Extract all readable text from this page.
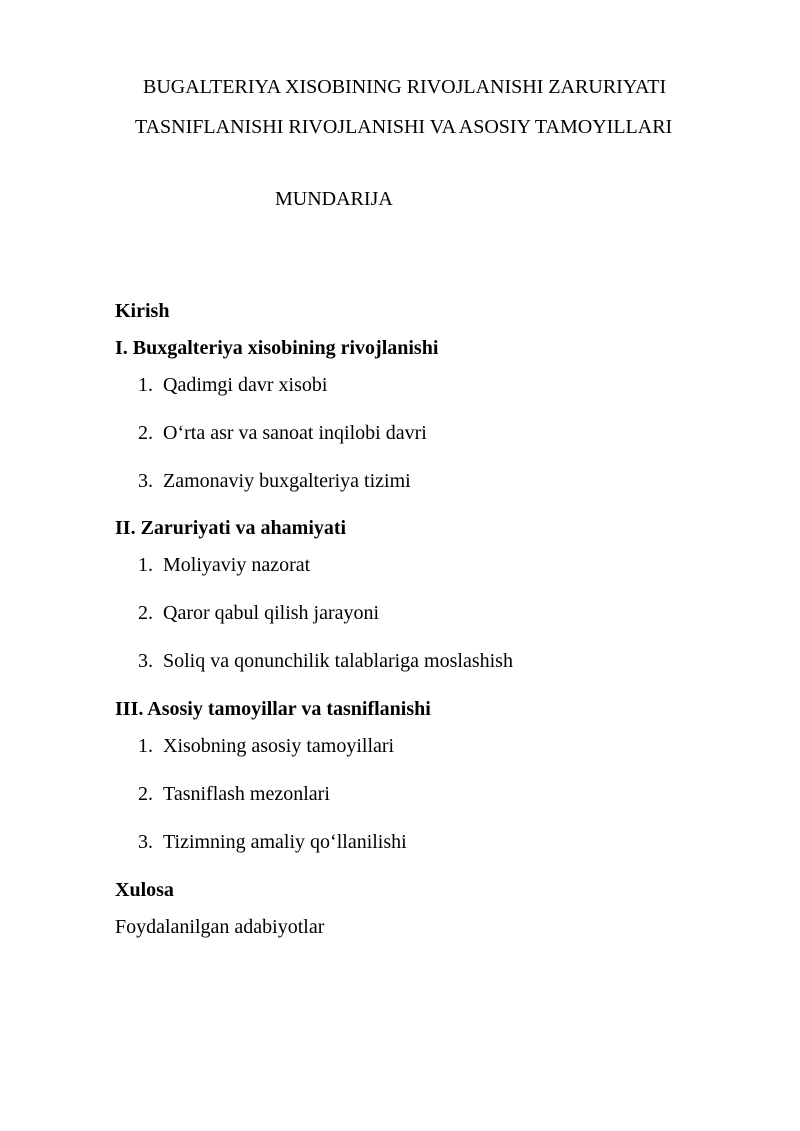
BUGALTERIYA XISOBINING RIVOJLANISHI ZARURIYATI
TASNIFLANISHI RIVOJLANISHI VA ASOSIY TAMOYILLARI
MUNDARIJA
Kirish
I. Buxgalteriya xisobining rivojlanishi
1. Qadimgi davr xisobi
2. O‘rta asr va sanoat inqilobi davri
3. Zamonaviy buxgalteriya tizimi
II. Zaruriyati va ahamiyati
1. Moliyaviy nazorat
2. Qaror qabul qilish jarayoni
3. Soliq va qonunchilik talablariga moslashish
III. Asosiy tamoyillar va tasniflanishi
1. Xisobning asosiy tamoyillari
2. Tasniflash mezonlari
3. Tizimning amaliy qo‘llanilishi
Xulosa
Foydalanilgan adabiyotlar
